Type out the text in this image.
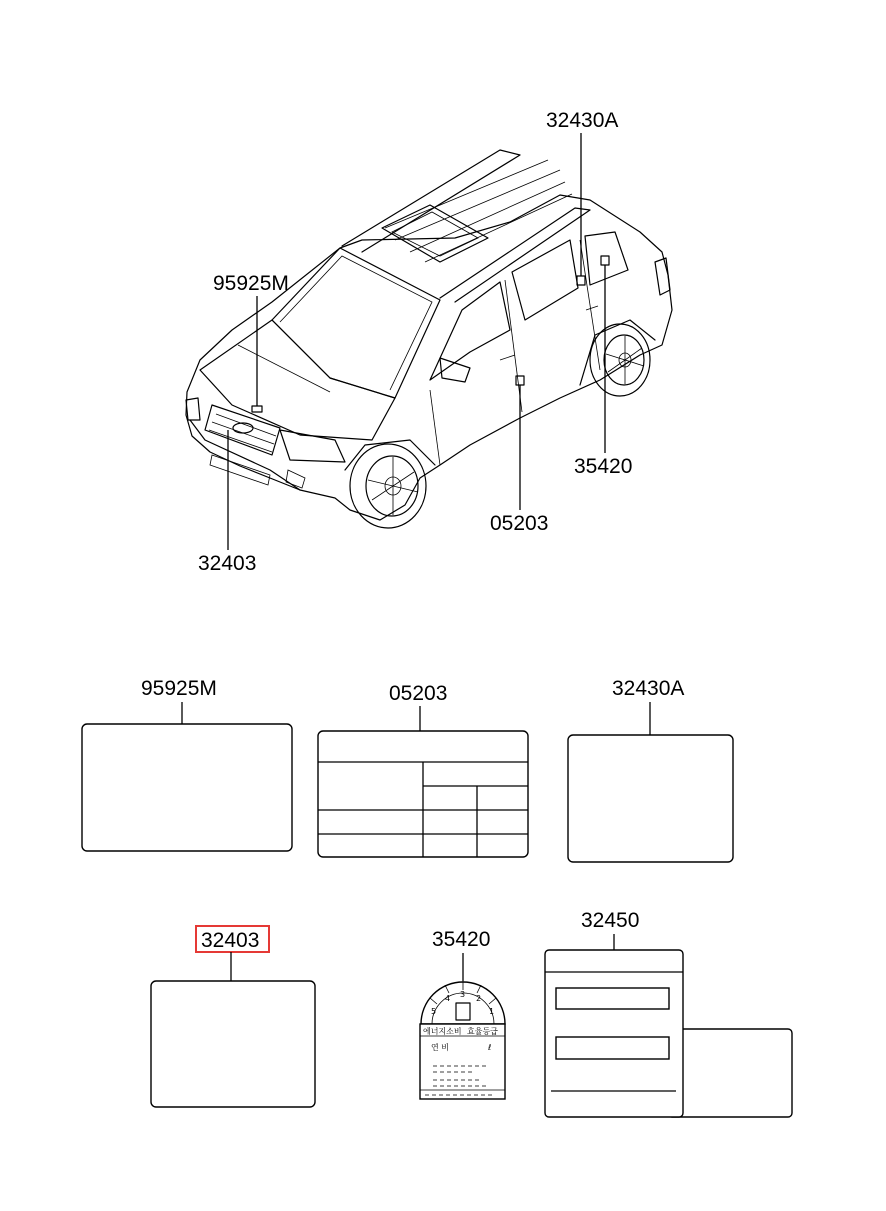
32430A
95925M
35420
05203
32403
95925M	05203	32430A
32403	35420
5
4 3 2
1
에너지소비 효율등급
연 비	ℓ
32450
